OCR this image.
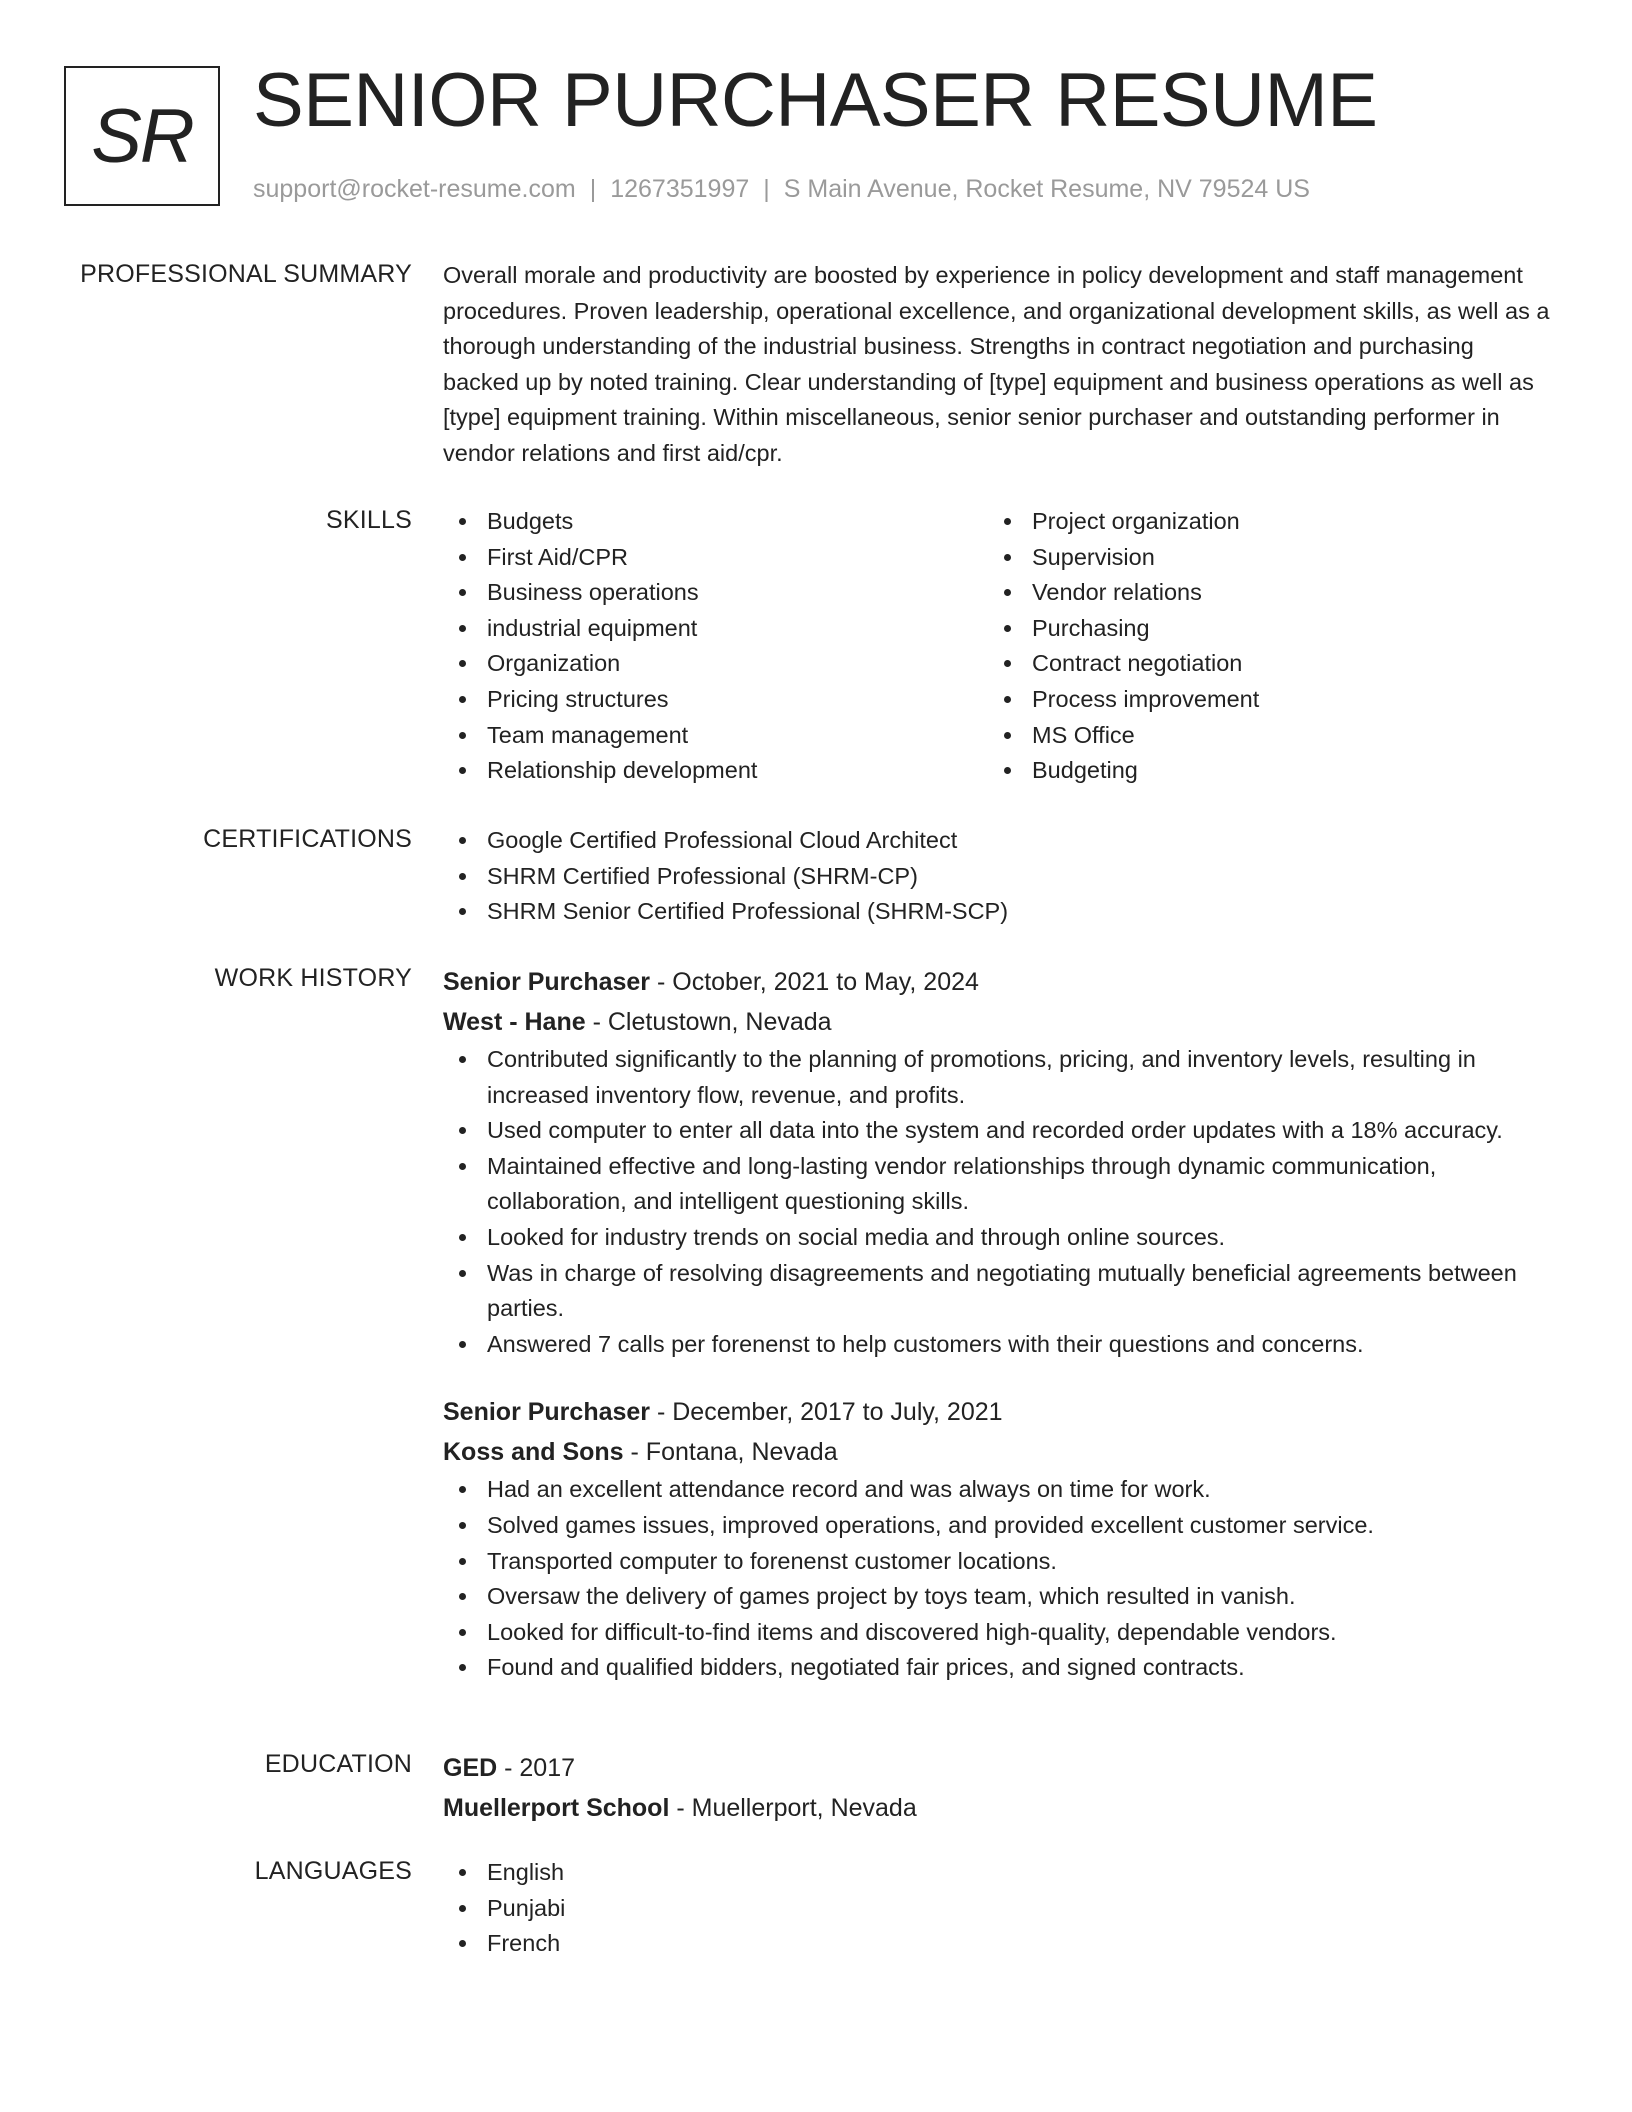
SR SENIOR PURCHASER RESUME
support@rocket-resume.com | 1267351997 | S Main Avenue, Rocket Resume, NV 79524 US
PROFESSIONAL SUMMARY Overall morale and productivity are boosted by experience in policy development and staff management procedures. Proven leadership, operational excellence, and organizational development skills, as well as a thorough understanding of the industrial business. Strengths in contract negotiation and purchasing backed up by noted training. Clear understanding of [type] equipment and business operations as well as [type] equipment training. Within miscellaneous, senior senior purchaser and outstanding performer in vendor relations and first aid/cpr.

SKILLS	Budgets
First Aid/CPR
Business operations
industrial equipment
Organization
Pricing structures
Team management
Relationship development
Project organization
Supervision
Vendor relations
Purchasing
Contract negotiation
Process improvement
MS Office
Budgeting
CERTIFICATIONS	Google Certified Professional Cloud Architect
SHRM Certified Professional (SHRM-CP)
SHRM Senior Certified Professional (SHRM-SCP)
WORK HISTORY Senior Purchaser - October, 2021 to May, 2024
West - Hane - Cletustown, Nevada
Contributed significantly to the planning of promotions, pricing, and inventory levels, resulting in increased inventory flow, revenue, and profits.
Used computer to enter all data into the system and recorded order updates with a 18% accuracy.
Maintained effective and long-lasting vendor relationships through dynamic communication, collaboration, and intelligent questioning skills.
Looked for industry trends on social media and through online sources.
Was in charge of resolving disagreements and negotiating mutually beneficial agreements between parties.
Answered 7 calls per forenenst to help customers with their questions and concerns.
Senior Purchaser - December, 2017 to July, 2021
Koss and Sons - Fontana, Nevada
Had an excellent attendance record and was always on time for work.
Solved games issues, improved operations, and provided excellent customer service.
Transported computer to forenenst customer locations.
Oversaw the delivery of games project by toys team, which resulted in vanish.
Looked for difficult-to-find items and discovered high-quality, dependable vendors.
Found and qualified bidders, negotiated fair prices, and signed contracts.
EDUCATION GED - 2017
Muellerport School - Muellerport, Nevada
LANGUAGES	English
Punjabi
French
